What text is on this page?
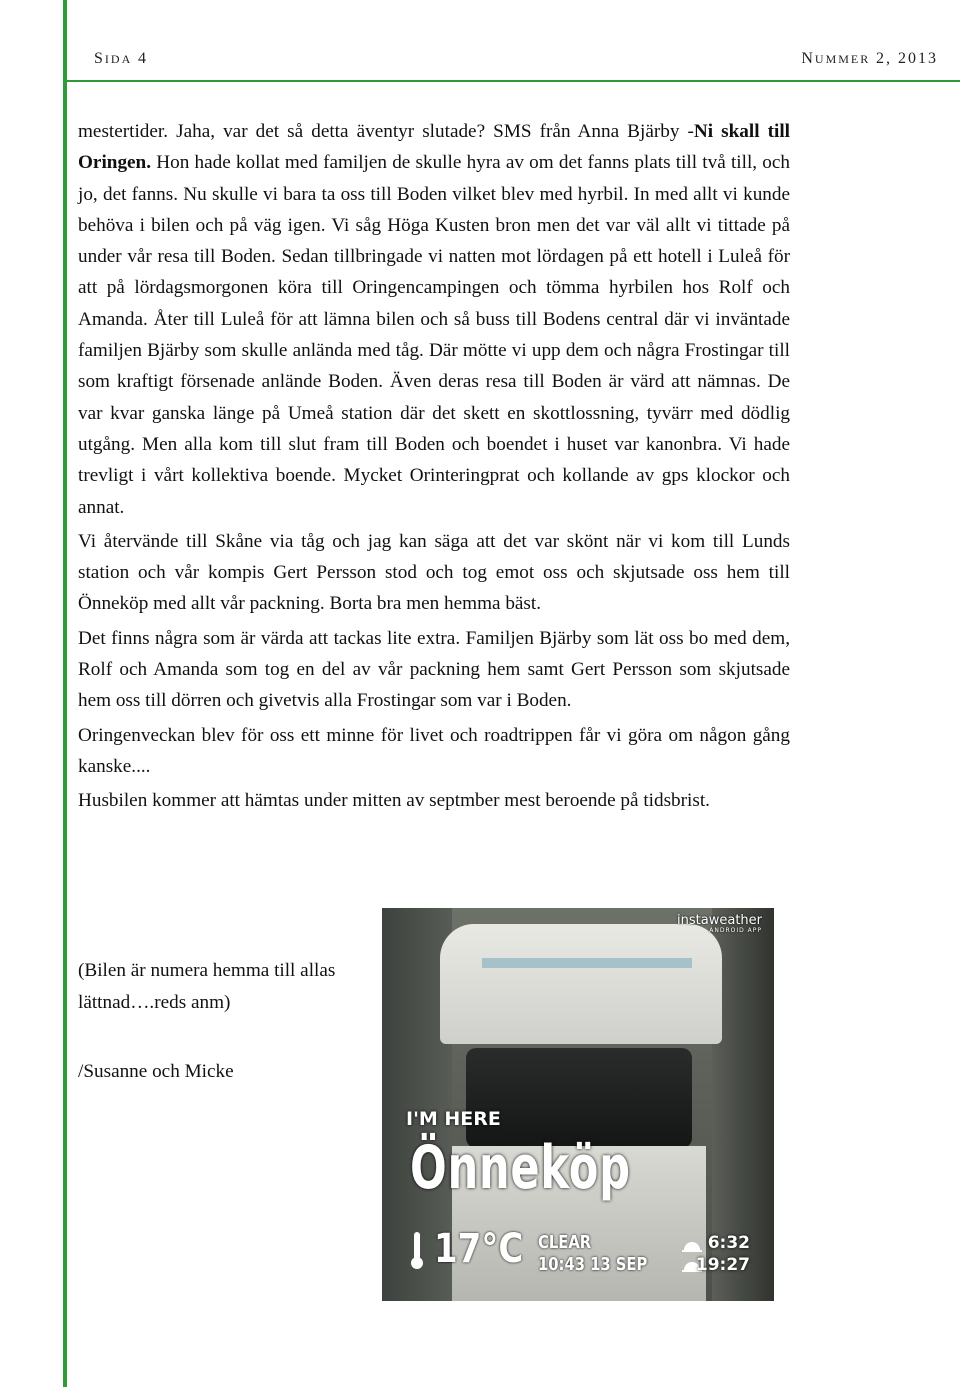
SIDA 4	NUMMER 2, 2013

mestertider. Jaha, var det så detta äventyr slutade? SMS från Anna Bjärby -Ni skall till Oringen. Hon hade kollat med familjen de skulle hyra av om det fanns plats till två till, och jo, det fanns. Nu skulle vi bara ta oss till Boden vilket blev med hyrbil. In med allt vi kunde behöva i bilen och på väg igen. Vi såg Höga Kusten bron men det var väl allt vi tittade på under vår resa till Boden. Sedan tillbringade vi natten mot lördagen på ett hotell i Luleå för att på lördagsmorgonen köra till Oringencampingen och tömma hyrbilen hos Rolf och Amanda. Åter till Luleå för att lämna bilen och så buss till Bodens central där vi inväntade familjen Bjärby som skulle anlända med tåg. Där mötte vi upp dem och några Frostingar till som kraftigt försenade anlände Boden. Även deras resa till Boden är värd att nämnas. De var kvar ganska länge på Umeå station där det skett en skottlossning, tyvärr med dödlig utgång. Men alla kom till slut fram till Boden och boendet i huset var kanonbra. Vi hade trevligt i vårt kollektiva boende. Mycket Orinteringprat och kollande av gps klockor och annat.

Vi återvände till Skåne via tåg och jag kan säga att det var skönt när vi kom till Lunds station och vår kompis Gert Persson stod och tog emot oss och skjutsade oss hem till Önneköp med allt vår packning. Borta bra men hemma bäst.

Det finns några som är värda att tackas lite extra. Familjen Bjärby som lät oss bo med dem, Rolf och Amanda som tog en del av vår packning hem samt Gert Persson som skjutsade hem oss till dörren och givetvis alla Frostingar som var i Boden.

Oringenveckan blev för oss ett minne för livet och roadtrippen får vi göra om någon gång kanske....

Husbilen kommer att hämtas under mitten av septmber mest beroende på tidsbrist.

(Bilen är numera hemma till allas lättnad….reds anm)

/Susanne och Micke

instaweather
ANDROID APP
I'M HERE
Önneköp
17°C CLEAR
10:43 13 SEP
6:32
19:27
